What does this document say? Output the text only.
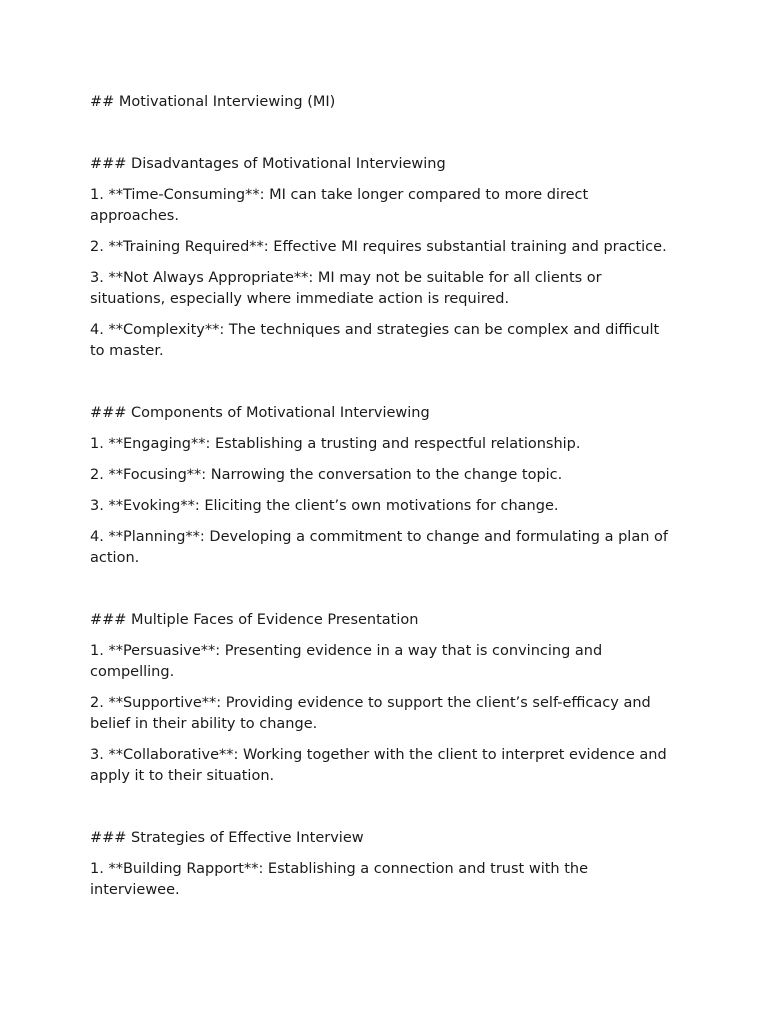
## Motivational Interviewing (MI)

### Disadvantages of Motivational Interviewing

1. **Time-Consuming**: MI can take longer compared to more direct approaches.

2. **Training Required**: Effective MI requires substantial training and practice.

3. **Not Always Appropriate**: MI may not be suitable for all clients or situations, especially where immediate action is required.

4. **Complexity**: The techniques and strategies can be complex and difficult to master.

### Components of Motivational Interviewing

1. **Engaging**: Establishing a trusting and respectful relationship.

2. **Focusing**: Narrowing the conversation to the change topic.

3. **Evoking**: Eliciting the client’s own motivations for change.

4. **Planning**: Developing a commitment to change and formulating a plan of action.

### Multiple Faces of Evidence Presentation

1. **Persuasive**: Presenting evidence in a way that is convincing and compelling.

2. **Supportive**: Providing evidence to support the client’s self-efficacy and belief in their ability to change.

3. **Collaborative**: Working together with the client to interpret evidence and apply it to their situation.

### Strategies of Effective Interview

1. **Building Rapport**: Establishing a connection and trust with the interviewee.
